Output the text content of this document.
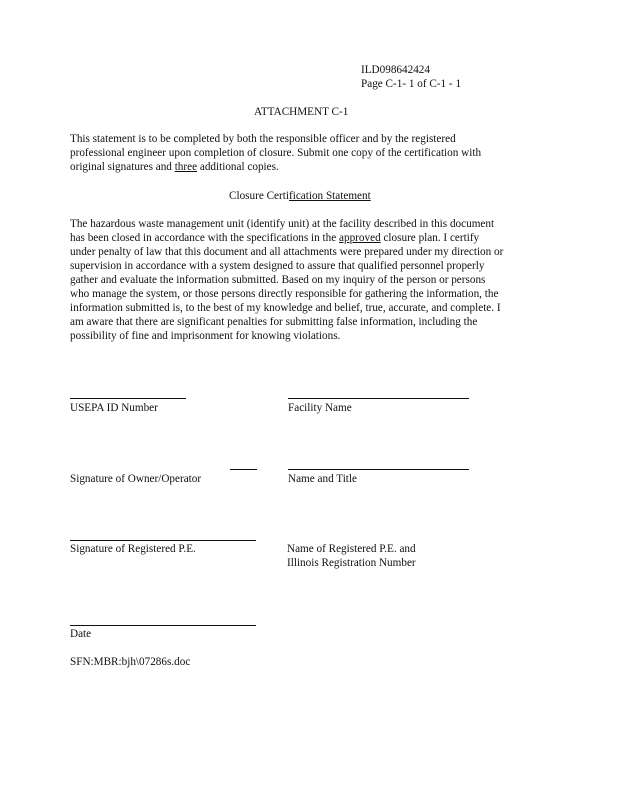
ILD098642424
Page C-1- 1 of C-1 - 1
ATTACHMENT C-1
This statement is to be completed by both the responsible officer and by the registered
professional engineer upon completion of closure. Submit one copy of the certification with
original signatures and three additional copies.
Closure Certification Statement
The hazardous waste management unit (identify unit) at the facility described in this document
has been closed in accordance with the specifications in the approved closure plan. I certify
under penalty of law that this document and all attachments were prepared under my direction or
supervision in accordance with a system designed to assure that qualified personnel properly
gather and evaluate the information submitted. Based on my inquiry of the person or persons
who manage the system, or those persons directly responsible for gathering the information, the
information submitted is, to the best of my knowledge and belief, true, accurate, and complete. I
am aware that there are significant penalties for submitting false information, including the
possibility of fine and imprisonment for knowing violations.
USEPA ID Number	Facility Name
Signature of Owner/Operator	Name and Title
Signature of Registered P.E.	Name of Registered P.E. and
Illinois Registration Number
Date
SFN:MBR:bjh\07286s.doc
